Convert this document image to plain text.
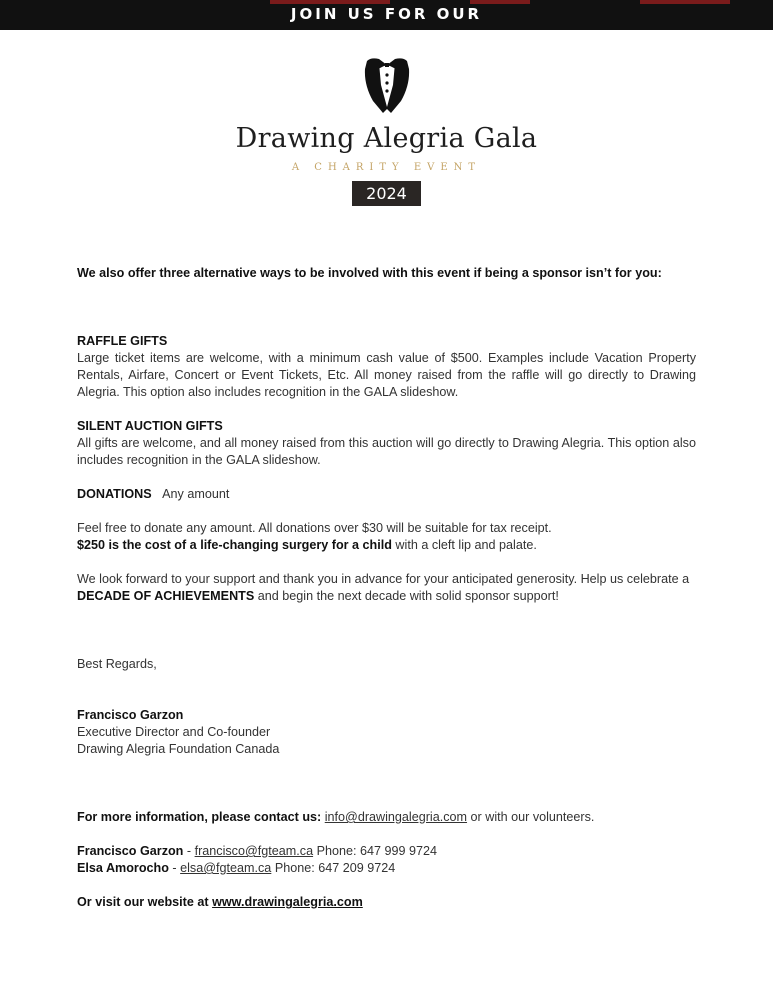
JOIN US FOR OUR
Drawing Alegria Gala
A CHARITY EVENT
2024

We also offer three alternative ways to be involved with this event if being a sponsor isn’t for you:

RAFFLE GIFTS

Large ticket items are welcome, with a minimum cash value of $500. Examples include Vacation Property Rentals, Airfare, Concert or Event Tickets, Etc. All money raised from the raffle will go directly to Drawing Alegria. This option also includes recognition in the GALA slideshow.

SILENT AUCTION GIFTS

All gifts are welcome, and all money raised from this auction will go directly to Drawing Alegria. This option also includes recognition in the GALA slideshow.

DONATIONS Any amount

Feel free to donate any amount. All donations over $30 will be suitable for tax receipt.

$250 is the cost of a life-changing surgery for a child with a cleft lip and palate.

We look forward to your support and thank you in advance for your anticipated generosity. Help us celebrate a DECADE OF ACHIEVEMENTS and begin the next decade with solid sponsor support!

Best Regards,

Francisco Garzon

Executive Director and Co-founder

Drawing Alegria Foundation Canada

For more information, please contact us: info@drawingalegria.com or with our volunteers.

Francisco Garzon - francisco@fgteam.ca Phone: 647 999 9724

Elsa Amorocho - elsa@fgteam.ca Phone: 647 209 9724

Or visit our website at www.drawingalegria.com
